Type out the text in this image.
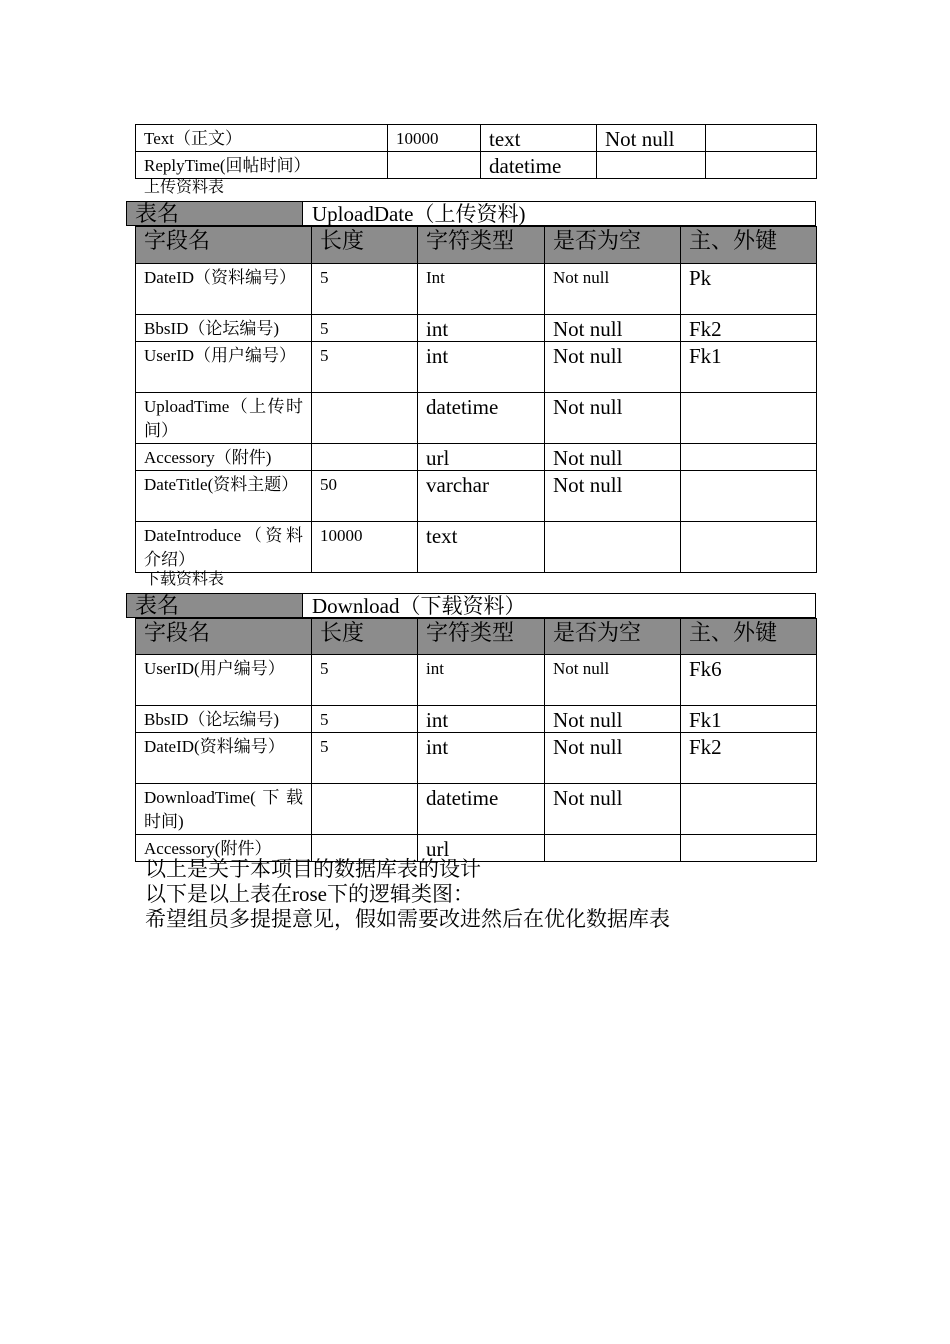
Text（正文）	10000	text	Not null	
ReplyTime(回帖时间）		datetime		
上传资料表
表名	UploadDate（上传资料)
字段名	长度	字符类型	是否为空	主、外键
DateID（资料编号）	5	Int	Not null	Pk
BbsID（论坛编号)	5	int	Not null	Fk2
UserID（用户编号）	5	int	Not null	Fk1
UploadTime（上传时间）		datetime	Not null	
Accessory（附件)		url	Not null	
DateTitle(资料主题）	50	varchar	Not null	
DateIntroduce（资料介绍）	10000	text		
下载资料表
表名	Download（下载资料）
字段名	长度	字符类型	是否为空	主、外键
UserID(用户编号）	5	int	Not null	Fk6
BbsID（论坛编号)	5	int	Not null	Fk1
DateID(资料编号）	5	int	Not null	Fk2
DownloadTime(下载时间)		datetime	Not null	
Accessory(附件）		url		
以上是关于本项目的数据库表的设计
以下是以上表在rose下的逻辑类图：
希望组员多提提意见，假如需要改进然后在优化数据库表
